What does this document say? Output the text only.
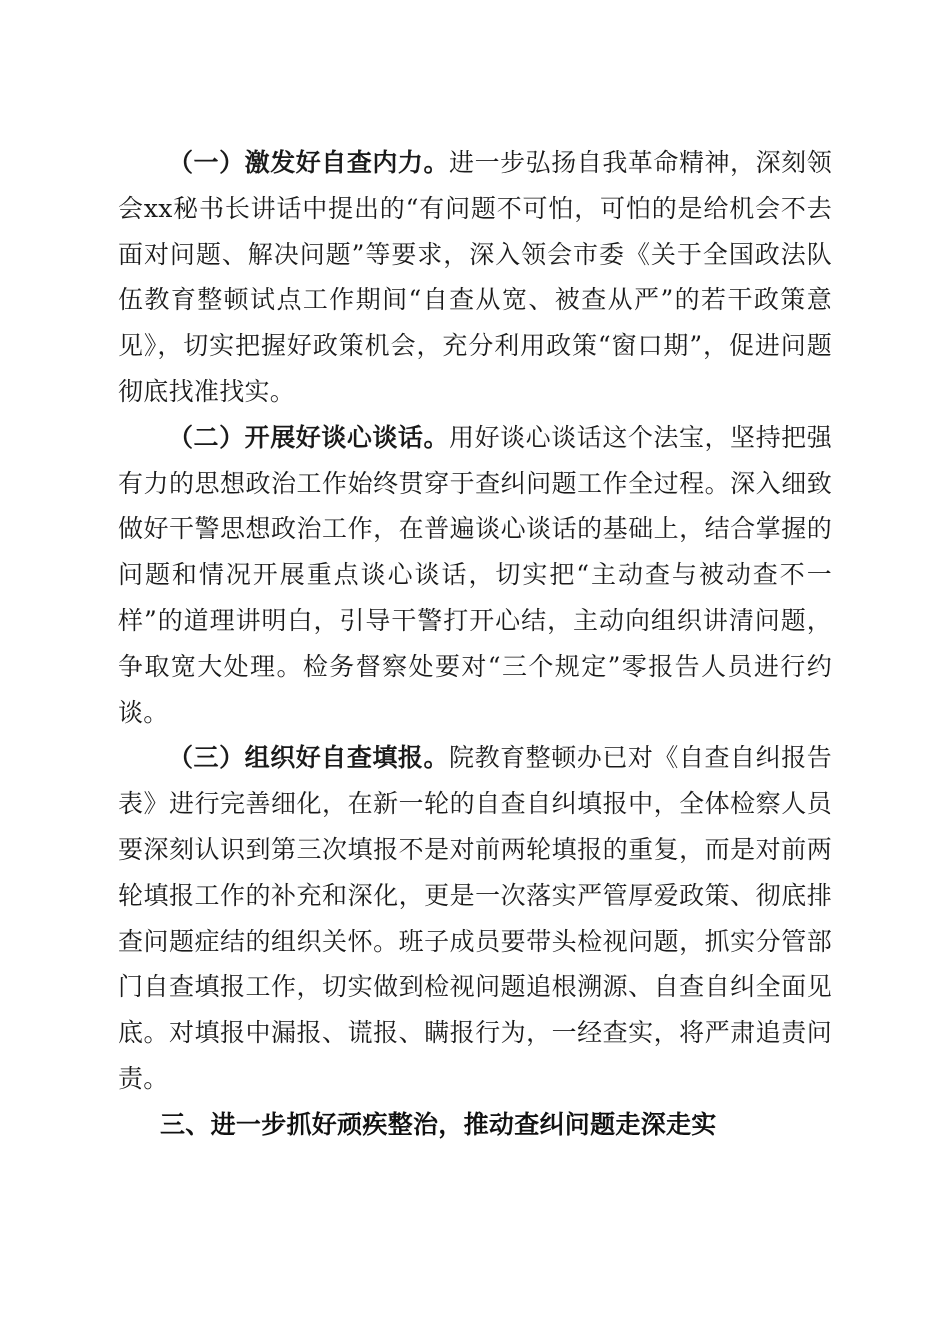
（一）激发好自查内力。进一步弘扬自我革命精神，深刻领会xx秘书长讲话中提出的“有问题不可怕，可怕的是给机会不去面对问题、解决问题”等要求，深入领会市委《关于全国政法队伍教育整顿试点工作期间“自查从宽、被查从严”的若干政策意见》，切实把握好政策机会，充分利用政策“窗口期”，促进问题彻底找准找实。

（二）开展好谈心谈话。用好谈心谈话这个法宝，坚持把强有力的思想政治工作始终贯穿于查纠问题工作全过程。深入细致做好干警思想政治工作，在普遍谈心谈话的基础上，结合掌握的问题和情况开展重点谈心谈话，切实把“主动查与被动查不一样”的道理讲明白，引导干警打开心结，主动向组织讲清问题，争取宽大处理。检务督察处要对“三个规定”零报告人员进行约谈。

（三）组织好自查填报。院教育整顿办已对《自查自纠报告表》进行完善细化，在新一轮的自查自纠填报中，全体检察人员要深刻认识到第三次填报不是对前两轮填报的重复，而是对前两轮填报工作的补充和深化，更是一次落实严管厚爱政策、彻底排查问题症结的组织关怀。班子成员要带头检视问题，抓实分管部门自查填报工作，切实做到检视问题追根溯源、自查自纠全面见底。对填报中漏报、谎报、瞒报行为，一经查实，将严肃追责问责。

三、进一步抓好顽疾整治，推动查纠问题走深走实
